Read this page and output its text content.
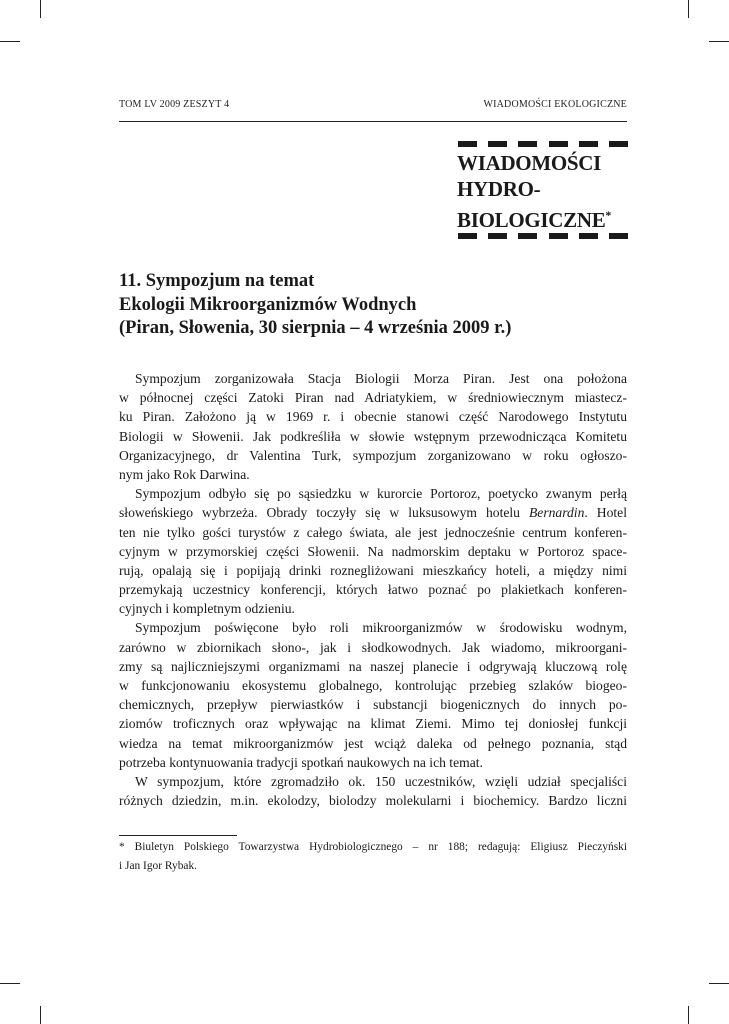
TOM LV 2009 ZESZYT 4	WIADOMOŚCI EKOLOGICZNE
WIADOMOŚCI
HYDRO-
BIOLOGICZNE*
11. Sympozjum na temat
Ekologii Mikroorganizmów Wodnych
(Piran, Słowenia, 30 sierpnia – 4 września 2009 r.)
Sympozjum zorganizowała Stacja Biologii Morza Piran. Jest ona położona
w północnej części Zatoki Piran nad Adriatykiem, w średniowiecznym miastecz-
ku Piran. Założono ją w 1969 r. i obecnie stanowi część Narodowego Instytutu
Biologii w Słowenii. Jak podkreśliła w słowie wstępnym przewodnicząca Komitetu
Organizacyjnego, dr Valentina Turk, sympozjum zorganizowano w roku ogłoszo-
nym jako Rok Darwina.
Sympozjum odbyło się po sąsiedzku w kurorcie Portoroz, poetycko zwanym perłą
słoweńskiego wybrzeża. Obrady toczyły się w luksusowym hotelu Bernardin. Hotel
ten nie tylko gości turystów z całego świata, ale jest jednocześnie centrum konferen-
cyjnym w przymorskiej części Słowenii. Na nadmorskim deptaku w Portoroz space-
rują, opalają się i popijają drinki rozneglіżowani mieszkańcy hoteli, a między nimi
przemykają uczestnicy konferencji, których łatwo poznać po plakietkach konferen-
cyjnych i kompletnym odzieniu.
Sympozjum poświęcone było roli mikroorganizmów w środowisku wodnym,
zarówno w zbiornikach słono-, jak i słodkowodnych. Jak wiadomo, mikroorgani-
zmy są najliczniejszymi organizmami na naszej planecie i odgrywają kluczową rolę
w funkcjonowaniu ekosystemu globalnego, kontrolując przebieg szlaków biogeo-
chemicznych, przepływ pierwiastków i substancji biogenicznych do innych po-
ziomów troficznych oraz wpływając na klimat Ziemi. Mimo tej doniosłej funkcji
wiedza na temat mikroorganizmów jest wciąż daleka od pełnego poznania, stąd
potrzeba kontynuowania tradycji spotkań naukowych na ich temat.
W sympozjum, które zgromadziło ok. 150 uczestników, wzięli udział specjaliści
różnych dziedzin, m.in. ekolodzy, biolodzy molekularni i biochemicy. Bardzo liczni
* Biuletyn Polskiego Towarzystwa Hydrobiologicznego – nr 188; redagują: Eligiusz Pieczyński
i Jan Igor Rybak.
